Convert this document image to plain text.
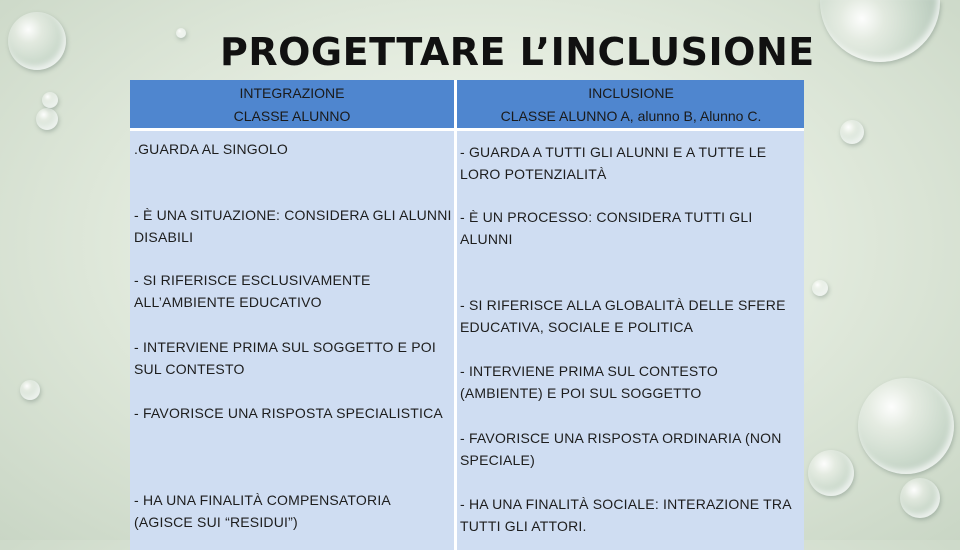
PROGETTARE L’INCLUSIONE
INTEGRAZIONE
CLASSE ALUNNO
INCLUSIONE
CLASSE ALUNNO A, alunno B, Alunno C.
.GUARDA AL SINGOLO
- È UNA SITUAZIONE: CONSIDERA GLI ALUNNI DISABILI
- SI RIFERISCE ESCLUSIVAMENTE ALL’AMBIENTE EDUCATIVO
- INTERVIENE PRIMA SUL SOGGETTO E POI SUL CONTESTO
- FAVORISCE UNA RISPOSTA SPECIALISTICA
- HA UNA FINALITÀ COMPENSATORIA (AGISCE SUI “RESIDUI”)
- GUARDA A TUTTI GLI ALUNNI E A TUTTE LE LORO POTENZIALITÀ
- È UN PROCESSO: CONSIDERA TUTTI GLI ALUNNI
- SI RIFERISCE ALLA GLOBALITÀ DELLE SFERE EDUCATIVA, SOCIALE E POLITICA
- INTERVIENE PRIMA SUL CONTESTO (AMBIENTE) E POI SUL SOGGETTO
- FAVORISCE UNA RISPOSTA ORDINARIA (NON SPECIALE)
- HA UNA FINALITÀ SOCIALE: INTERAZIONE TRA TUTTI GLI ATTORI.
